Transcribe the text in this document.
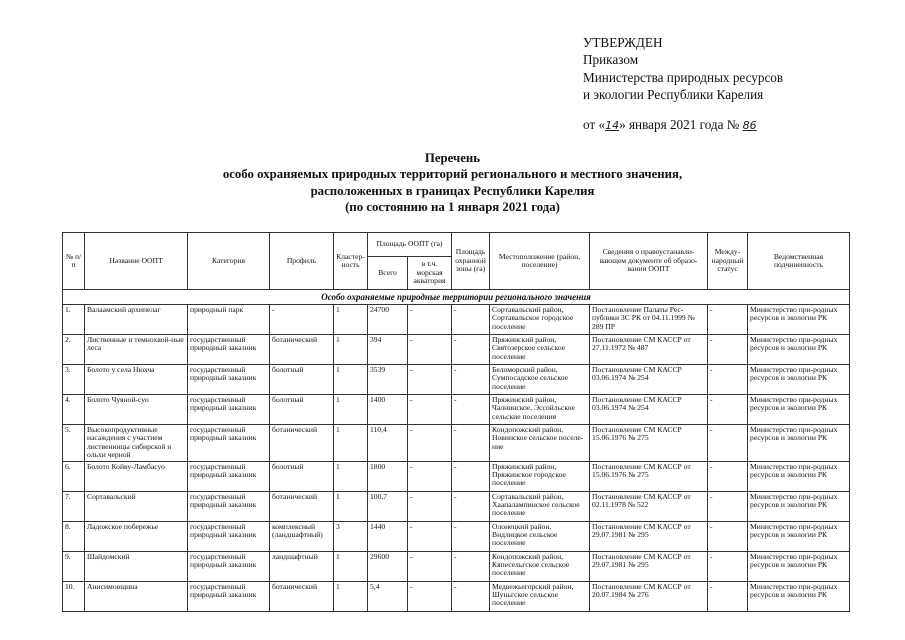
УТВЕРЖДЕН
Приказом
Министерства природных ресурсов
и экологии Республики Карелия
от «14» января 2021 года № 86
Перечень
особо охраняемых природных территорий регионального и местного значения,
расположенных в границах Республики Карелия
(по состоянию на 1 января 2021 года)
№ п/п	Название ООПТ	Категория	Профиль	Кластер-ность	Площадь ООПТ (га)		Площадь охранной зоны (га)	Местоположение (район, поселение)	Сведения о правоустанавли-вающем документе об образо-вании ООПТ	Между-народный статус	Ведомственная подчиненность
					Всего	в т.ч. морская акватория					
Особо охраняемые природные территории регионального значения											
1.	Валаамский архипелаг	природный парк	-	1	24700	-	-	Сортавальский район, Сортавальское городское поселение	Постановление Палаты Рес-публики ЗС РК от 04.11.1999 № 289 ПР	-	Министерство при-родных ресурсов и экологии РК
2.	Лиственные и темнохвой-ные леса	государственный природный заказник	ботанический	1	394	-	-	Пряжинский район, Святозерское сельское поселение	Постановление СМ КАССР от 27.11.1972 № 487	-	Министерство при-родных ресурсов и экологии РК
3.	Болото у села Нюхча	государственный природный заказник	болотный	1	3539	-	-	Беломорский район, Сумпосадское сельское поселение	Постановление СМ КАССР 03.06.1974 № 254	-	Министерство при-родных ресурсов и экологии РК
4.	Болото Чуяной-суо	государственный природный заказник	болотный	1	1400	-	-	Пряжинский район, Чалнинское, Эссойльское сельские поселения	Постановление СМ КАССР 03.06.1974 № 254	-	Министерство при-родных ресурсов и экологии РК
5.	Высокопродуктивные насаждения с участием лиственницы сибирской и ольхи черной	государственный природный заказник	ботанический	1	110,4	-	-	Кондопожский район, Новинское сельское поселе-ние	Постановление СМ КАССР 15.06.1976 № 275	-	Министерство при-родных ресурсов и экологии РК
6.	Болото Койву-Ламбасуо	государственный природный заказник	болотный	1	1800	-	-	Пряжинский район, Пряжинское городское поселение	Постановление СМ КАССР от 15.06.1976 № 275	-	Министерство при-родных ресурсов и экологии РК
7.	Сортавальский	государственный природный заказник	ботанический	1	100,7	-	-	Сортавальский район, Хаапалампинское сельское поселение	Постановление СМ КАССР от 02.11.1978 № 522	-	Министерство при-родных ресурсов и экологии РК
8.	Ладожское побережье	государственный природный заказник	комплексный (ландшафтный)	3	1440	-	-	Олонецкий район, Видлицкое сельское поселение	Постановление СМ КАССР от 29.07.1981 № 295	-	Министерство при-родных ресурсов и экологии РК
9.	Шайдомский	государственный природный заказник	ландшафтный	1	29600	-	-	Кондопожский район, Кяпесельгское сельское поселение	Постановление СМ КАССР от 29.07.1981 № 295	-	Министерство при-родных ресурсов и экологии РК
10.	Анисимовщина	государственный природный заказник	ботанический	1	5,4	-	-	Медвежьегорский район, Шуньгское сельское поселение	Постановление СМ КАССР от 20.07.1984 № 276	-	Министерство при-родных ресурсов и экологии РК
